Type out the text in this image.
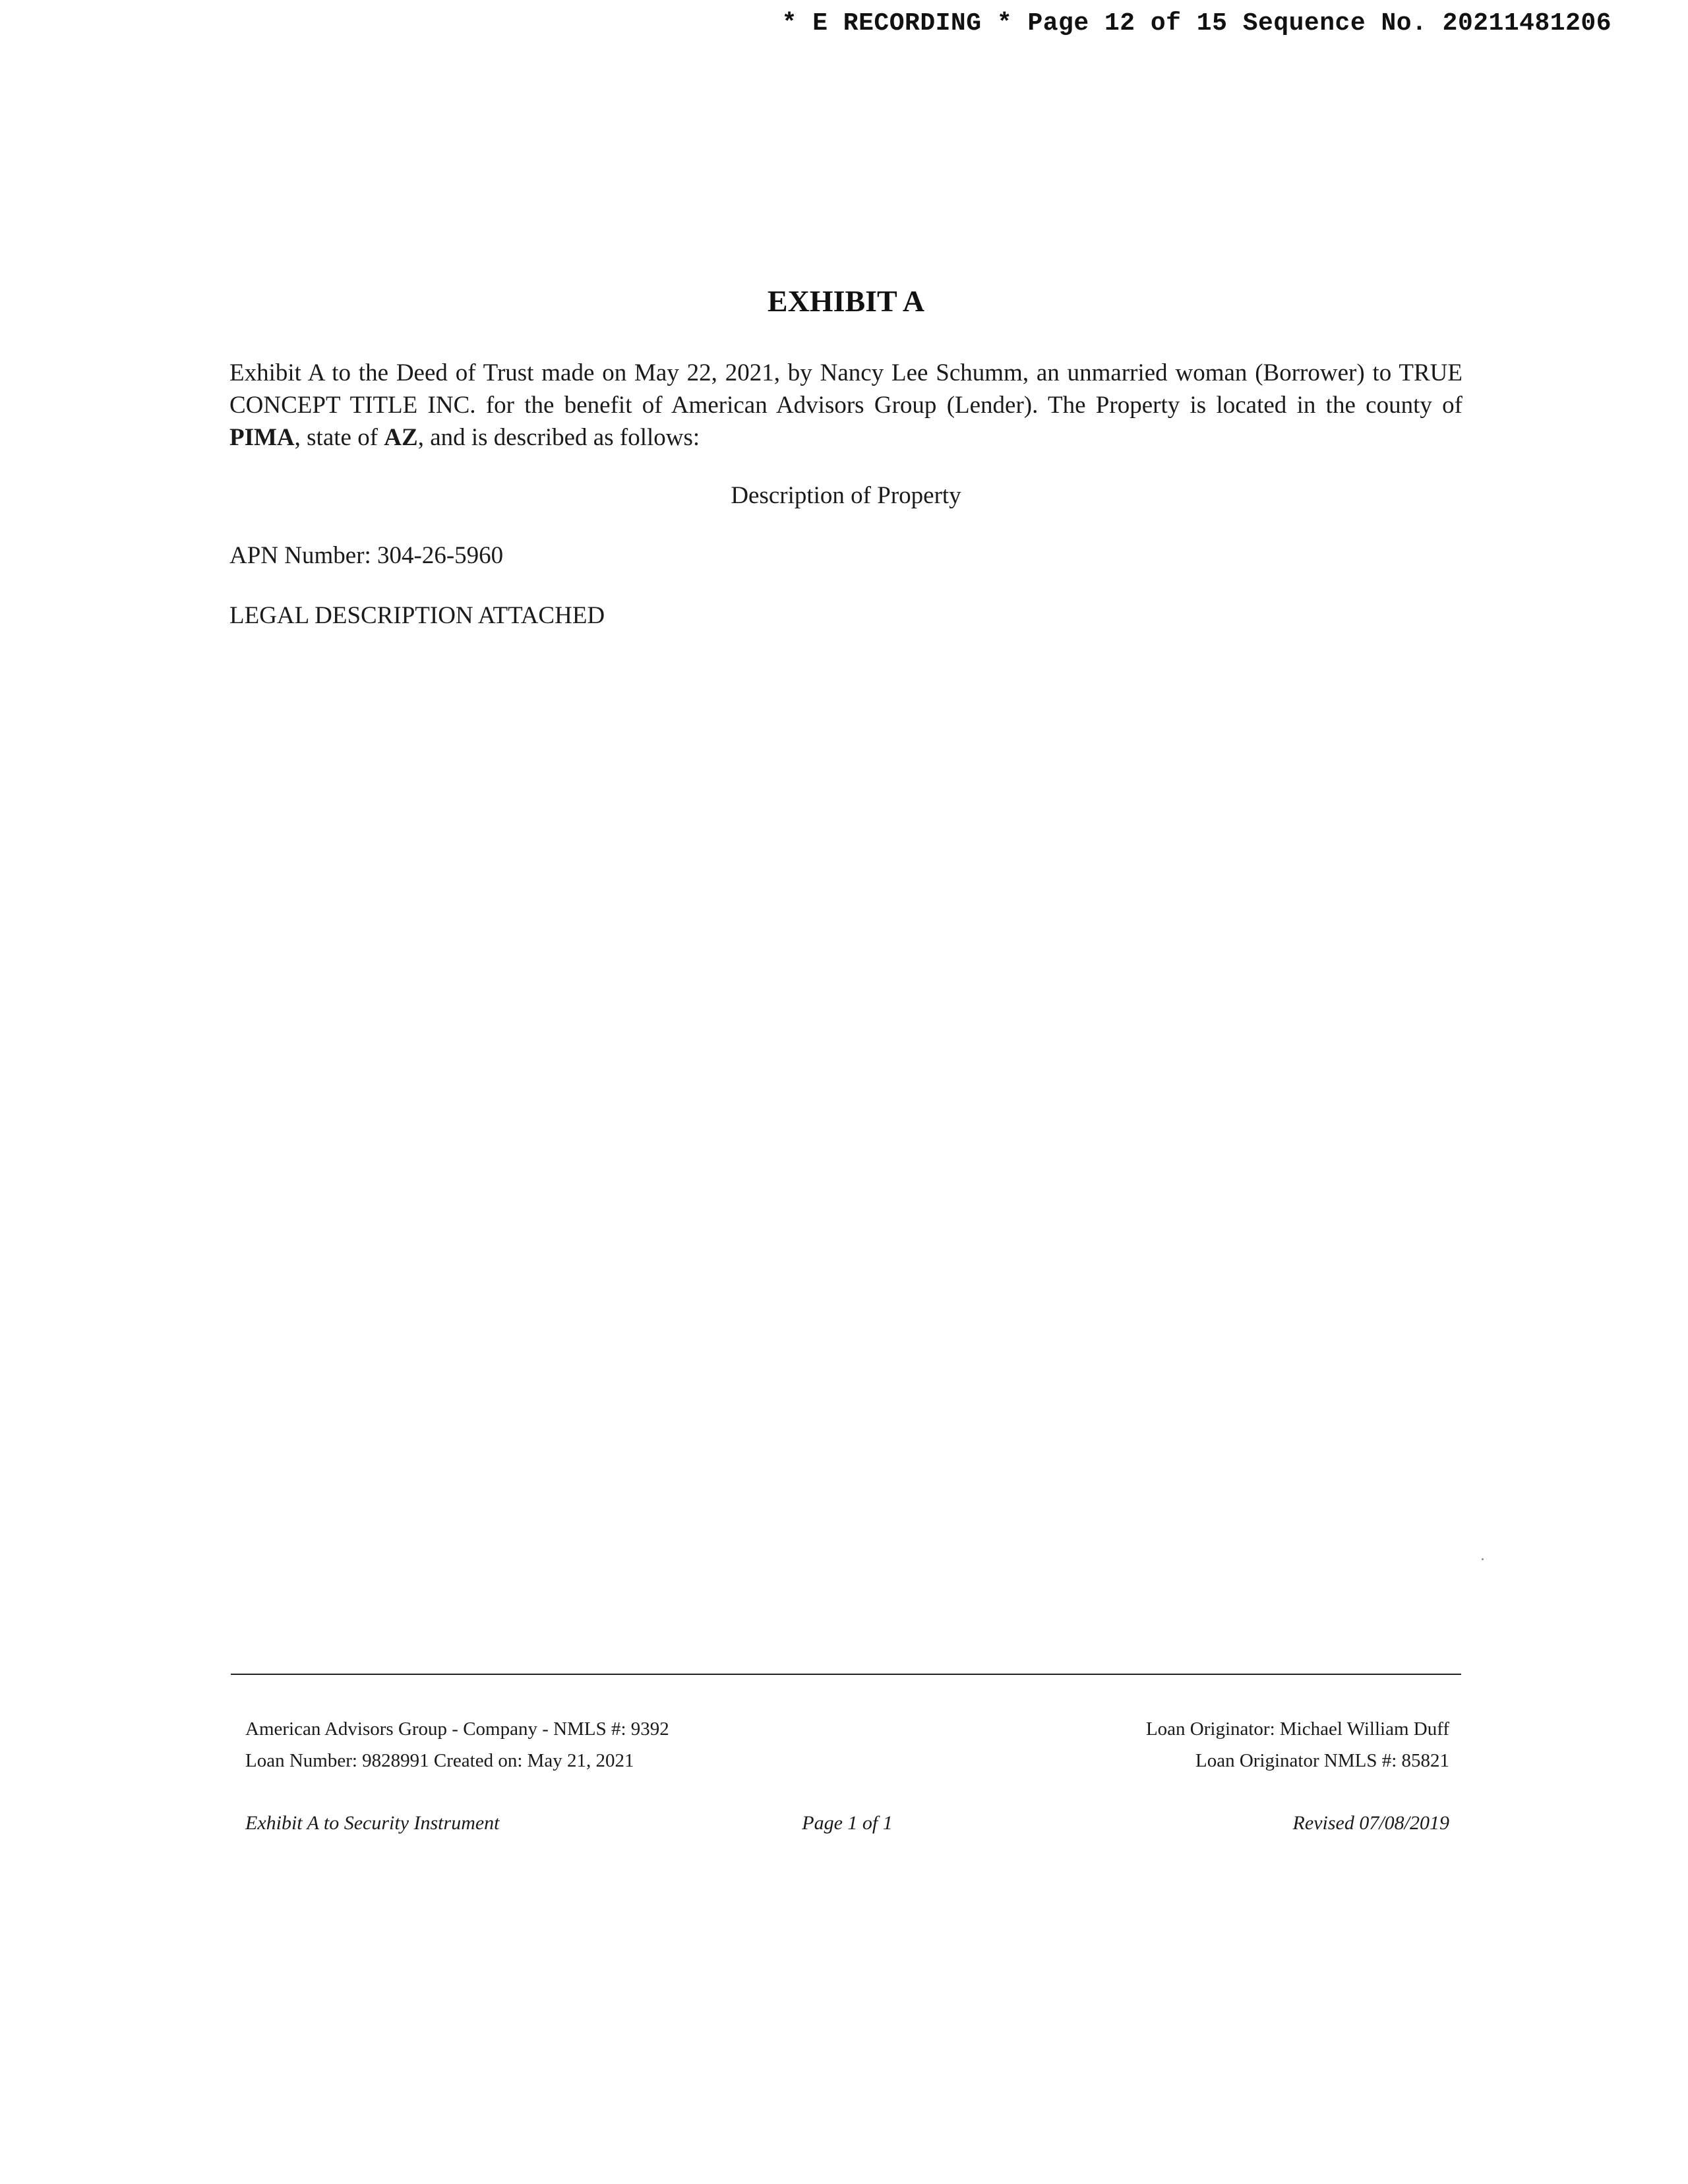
* E RECORDING * Page 12 of 15 Sequence No. 20211481206
EXHIBIT A

Exhibit A to the Deed of Trust made on May 22, 2021, by Nancy Lee Schumm, an unmarried woman (Borrower) to TRUE CONCEPT TITLE INC. for the benefit of American Advisors Group (Lender). The Property is located in the county of PIMA, state of AZ, and is described as follows:

Description of Property

APN Number: 304-26-5960

LEGAL DESCRIPTION ATTACHED

American Advisors Group - Company - NMLS #: 9392	Loan Originator: Michael William Duff
Loan Number: 9828991 Created on: May 21, 2021	Loan Originator NMLS #: 85821
Exhibit A to Security Instrument	Page 1 of 1	Revised 07/08/2019
